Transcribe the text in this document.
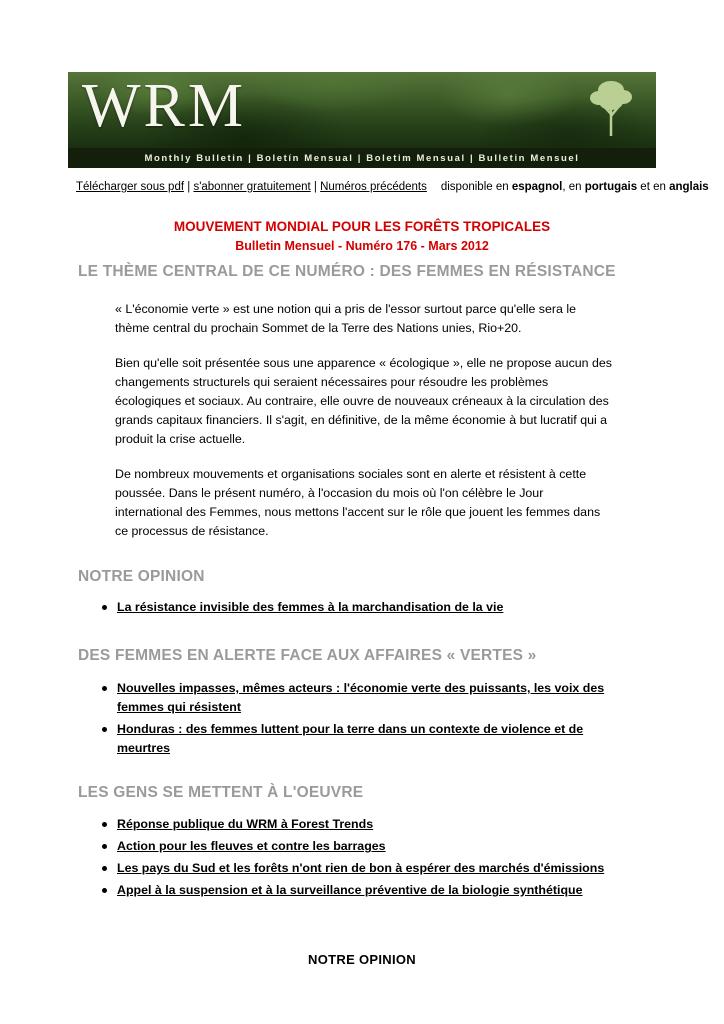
WRM
Monthly Bulletin | Boletín Mensual | Boletim Mensual | Bulletin Mensuel
Télécharger sous pdf | s'abonner gratuitement | Numéros précédents disponible en espagnol, en portugais et en anglais
MOUVEMENT MONDIAL POUR LES FORÊTS TROPICALES
Bulletin Mensuel - Numéro 176 - Mars 2012
LE THÈME CENTRAL DE CE NUMÉRO : DES FEMMES EN RÉSISTANCE

« L'économie verte » est une notion qui a pris de l'essor surtout parce qu'elle sera le thème central du prochain Sommet de la Terre des Nations unies, Rio+20.

Bien qu'elle soit présentée sous une apparence « écologique », elle ne propose aucun des changements structurels qui seraient nécessaires pour résoudre les problèmes écologiques et sociaux. Au contraire, elle ouvre de nouveaux créneaux à la circulation des grands capitaux financiers. Il s'agit, en définitive, de la même économie à but lucratif qui a produit la crise actuelle.

De nombreux mouvements et organisations sociales sont en alerte et résistent à cette poussée. Dans le présent numéro, à l'occasion du mois où l'on célèbre le Jour international des Femmes, nous mettons l'accent sur le rôle que jouent les femmes dans ce processus de résistance.

NOTRE OPINION
La résistance invisible des femmes à la marchandisation de la vie
DES FEMMES EN ALERTE FACE AUX AFFAIRES « VERTES »
Nouvelles impasses, mêmes acteurs : l'économie verte des puissants, les voix des femmes qui résistent
Honduras : des femmes luttent pour la terre dans un contexte de violence et de meurtres
LES GENS SE METTENT À L'OEUVRE
Réponse publique du WRM à Forest Trends
Action pour les fleuves et contre les barrages
Les pays du Sud et les forêts n'ont rien de bon à espérer des marchés d'émissions
Appel à la suspension et à la surveillance préventive de la biologie synthétique
NOTRE OPINION
